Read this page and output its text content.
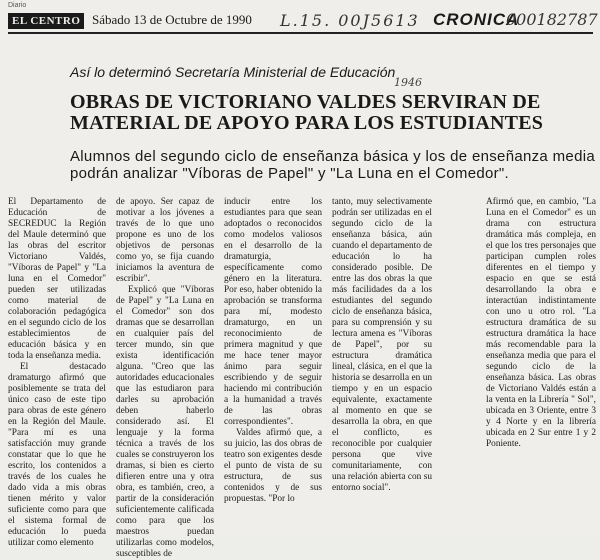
Diario
EL CENTRO Sábado 13 de Octubre de 1990 L.15. 00J5613 CRONICA
000182787
Así lo determinó Secretaría Ministerial de Educación
1946
OBRAS DE VICTORIANO VALDES SERVIRAN DE MATERIAL DE APOYO PARA LOS ESTUDIANTES
Alumnos del segundo ciclo de enseñanza básica y los de enseñanza media podrán analizar "Víboras de Papel" y "La Luna en el Comedor".

El Departamento de Educación de SECREDUC la Región del Maule determinó que las obras del escritor Victoriano Valdés, "Víboras de Papel" y "La luna en el Comedor" pueden ser utilizadas como material de colaboración pedagógica en el segundo ciclo de los establecimientos de educación básica y en toda la enseñanza media.

El destacado dramaturgo afirmó que posiblemente se trata del único caso de este tipo para obras de este género en la Región del Maule. "Para mí es una satisfacción muy grande constatar que lo que he escrito, los contenidos a través de los cuales he dado vida a mis obras tienen mérito y valor suficiente como para que el sistema formal de educación lo pueda utilizar como elemento

de apoyo. Ser capaz de motivar a los jóvenes a través de lo que uno propone es uno de los objetivos de personas como yo, se fija cuando iniciamos la aventura de escribir".

Explicó que "Víboras de Papel" y "La Luna en el Comedor" son dos dramas que se desarrollan en cualquier país del tercer mundo, sin que exista identificación alguna. "Creo que las autoridades educacionales que las estudiaron para darles su aprobación deben haberlo considerado así. El lenguaje y la forma técnica a través de los cuales se construyeron los dramas, si bien es cierto difieren entre una y otra obra, es también, creo, a partir de la consideración suficientemente calificada como para que los maestros puedan utilizarlas como modelos, susceptibles de

inducir entre los estudiantes para que sean adoptados o reconocidos como modelos valiosos en el desarrollo de la dramaturgia, específicamente como género en la literatura. Por eso, haber obtenido la aprobación se transforma para mí, modesto dramaturgo, en un reconocimiento de primera magnitud y que me hace tener mayor ánimo para seguir escribiendo y de seguir haciendo mi contribución a la humanidad a través de las obras correspondientes".

Valdes afirmó que, a su juicio, las dos obras de teatro son exigentes desde el punto de vista de su estructura, de sus contenidos y de sus propuestas. "Por lo

tanto, muy selectivamente podrán ser utilizadas en el segundo ciclo de la enseñanza básica, aún cuando el departamento de educación lo ha considerado posible. De entre las dos obras la que más facilidades da a los estudiantes del segundo ciclo de enseñanza básica, para su comprensión y su lectura amena es "Víboras de Papel", por su estructura dramática lineal, clásica, en el que la historia se desarrolla en un tiempo y en un espacio equivalente, exactamente al momento en que se desarrolla la obra, en que el conflicto, es reconocible por cualquier persona que vive comunitariamente, con una relación abierta con su entorno social".

Afirmó que, en cambio, "La Luna en el Comedor" es un drama con estructura dramática más compleja, en el que los tres personajes que participan cumplen roles diferentes en el tiempo y espacio en que se está desarrollando la obra e interactúan indistintamente con uno u otro rol. "La estructura dramática de su estructura dramática la hace más recomendable para la enseñanza media que para el segundo ciclo de la enseñanza básica. Las obras de Victoriano Valdés están a la venta en la Librería " Sol", ubicada en 3 Oriente, entre 3 y 4 Norte y en la librería ubicada en 2 Sur entre 1 y 2 Poniente.
